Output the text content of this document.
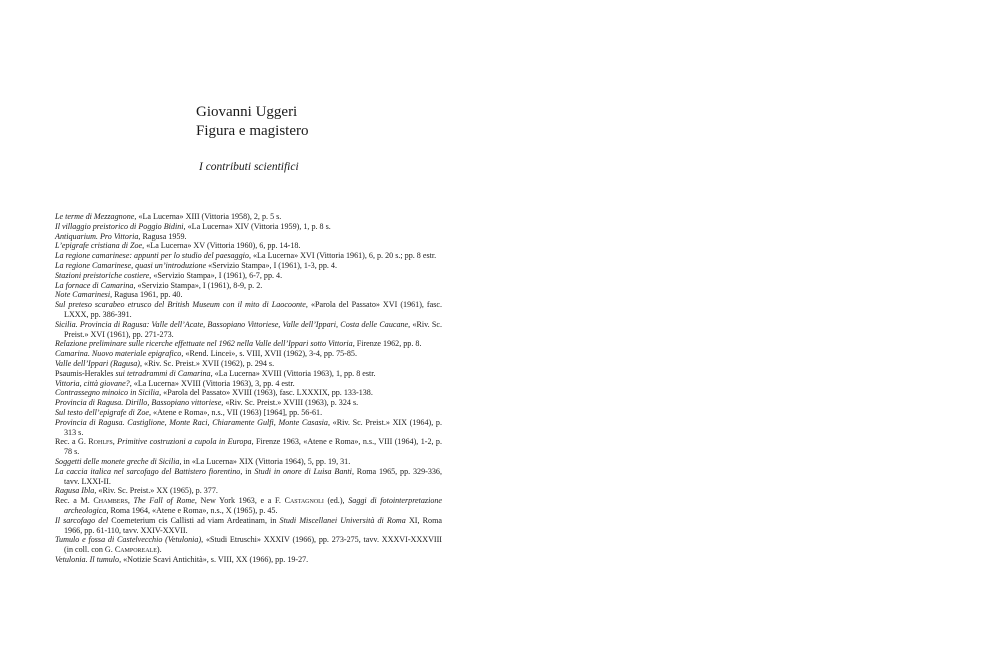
Giovanni Uggeri
Figura e magistero
I contributi scientifici
Le terme di Mezzagnone, «La Lucerna» XIII (Vittoria 1958), 2, p. 5 s.
Il villaggio preistorico di Poggio Bidini, «La Lucerna» XIV (Vittoria 1959), 1, p. 8 s.
Antiquarium. Pro Vittoria, Ragusa 1959.
L’epigrafe cristiana di Zoe, «La Lucerna» XV (Vittoria 1960), 6, pp. 14-18.
La regione camarinese: appunti per lo studio del paesaggio, «La Lucerna» XVI (Vittoria 1961), 6, p. 20 s.; pp. 8 estr.
La regione Camarinese, quasi un’introduzione «Servizio Stampa», I (1961), 1-3, pp. 4.
Stazioni preistoriche costiere, «Servizio Stampa», I (1961), 6-7, pp. 4.
La fornace di Camarina, «Servizio Stampa», I (1961), 8-9, p. 2.
Note Camarinesi, Ragusa 1961, pp. 40.
Sul preteso scarabeo etrusco del British Museum con il mito di Laocoonte, «Parola del Passato» XVI (1961), fasc. LXXX, pp. 386-391.
Sicilia. Provincia di Ragusa: Valle dell’Acate, Bassopiano Vittoriese, Valle dell’Ippari, Costa delle Caucane, «Riv. Sc. Preist.» XVI (1961), pp. 271-273.
Relazione preliminare sulle ricerche effettuate nel 1962 nella Valle dell’Ippari sotto Vittoria, Firenze 1962, pp. 8.
Camarina. Nuovo materiale epigrafico, «Rend. Lincei», s. VIII, XVII (1962), 3-4, pp. 75-85.
Valle dell’Ippari (Ragusa), «Riv. Sc. Preist.» XVII (1962), p. 294 s.
Psaumis-Herakles sui tetradrammi di Camarina, «La Lucerna» XVIII (Vittoria 1963), 1, pp. 8 estr.
Vittoria, città giovane?, «La Lucerna» XVIII (Vittoria 1963), 3, pp. 4 estr.
Contrassegno minoico in Sicilia, «Parola del Passato» XVIII (1963), fasc. LXXXIX, pp. 133-138.
Provincia di Ragusa. Dirillo, Bassopiano vittoriese, «Riv. Sc. Preist.» XVIII (1963), p. 324 s.
Sul testo dell’epigrafe di Zoe, «Atene e Roma», n.s., VII (1963) [1964], pp. 56-61.
Provincia di Ragusa. Castiglione, Monte Raci, Chiaramente Gulfi, Monte Casasia, «Riv. Sc. Preist.» XIX (1964), p. 313 s.
Rec. a G. Rohlfs, Primitive costruzioni a cupola in Europa, Firenze 1963, «Atene e Roma», n.s., VIII (1964), 1-2, p. 78 s.
Soggetti delle monete greche di Sicilia, in «La Lucerna» XIX (Vittoria 1964), 5, pp. 19, 31.
La caccia italica nel sarcofago del Battistero fiorentino, in Studi in onore di Luisa Banti, Roma 1965, pp. 329-336, tavv. LXXI-II.
Ragusa Ibla, «Riv. Sc. Preist.» XX (1965), p. 377.
Rec. a M. Chambers, The Fall of Rome, New York 1963, e a F. Castagnoli (ed.), Saggi di fotointerpretazione archeologica, Roma 1964, «Atene e Roma», n.s., X (1965), p. 45.
Il sarcofago del Coemeterium cis Callisti ad viam Ardeatinam, in Studi Miscellanei Università di Roma XI, Roma 1966, pp. 61-110, tavv. XXIV-XXVII.
Tumulo e fossa di Castelvecchio (Vetulonia), «Studi Etruschi» XXXIV (1966), pp. 273-275, tavv. XXXVI-XXXVIII (in coll. con G. Camporeale).
Vetulonia. Il tumulo, «Notizie Scavi Antichità», s. VIII, XX (1966), pp. 19-27.
